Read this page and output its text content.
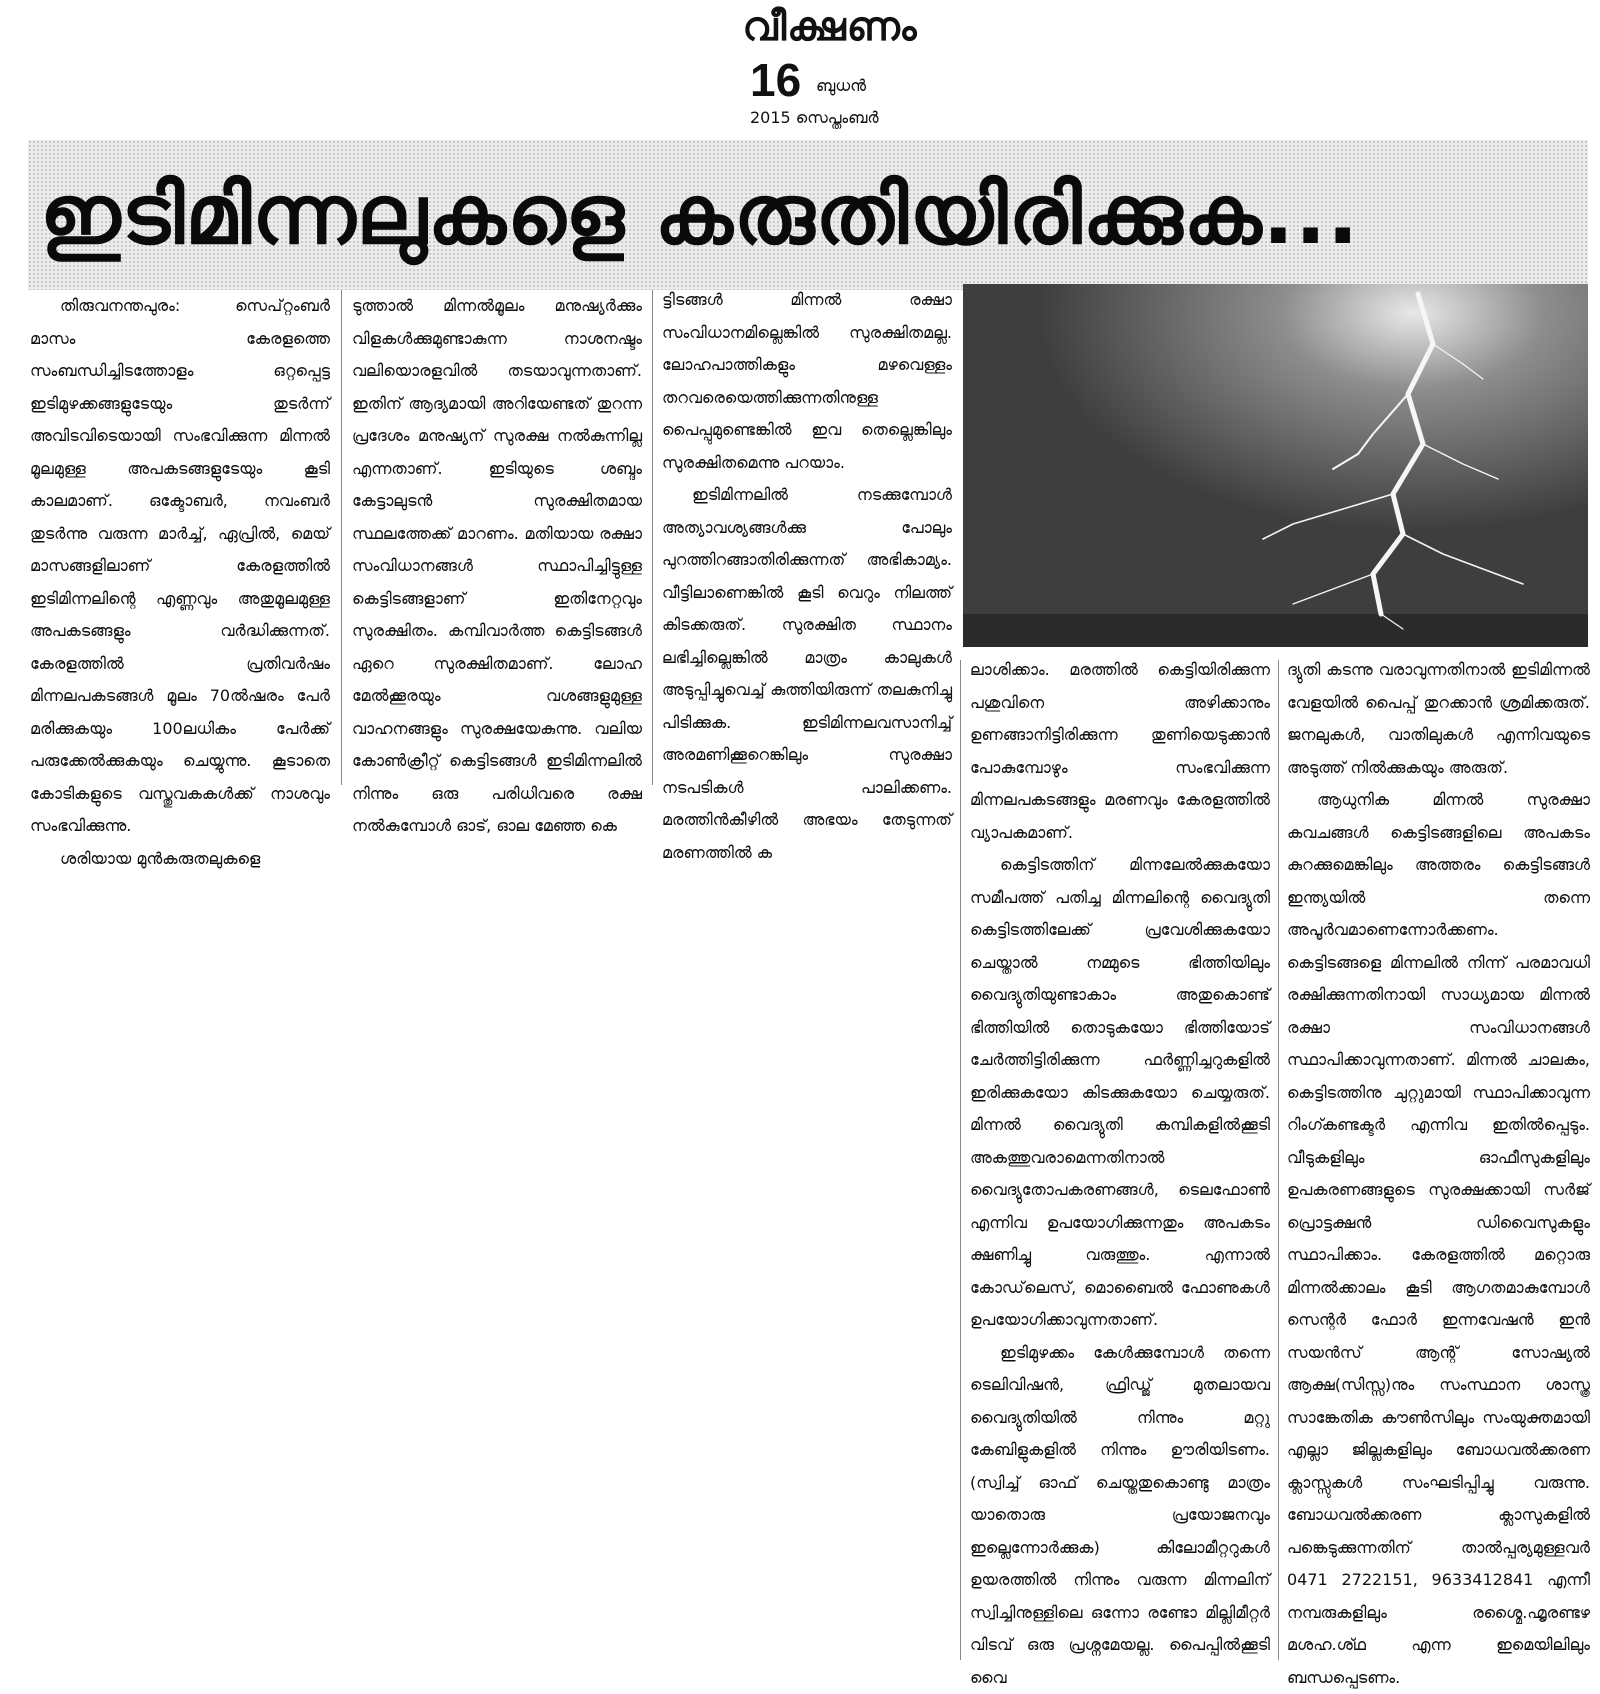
വീക്ഷണം
16 ബുധൻ
2015 സെപ്തംബർ
ഇടിമിന്നലുകളെ കരുതിയിരിക്കുക...

തിരുവനന്തപുരം: സെപ്റ്റംബർ മാസം കേരളത്തെ സംബന്ധിച്ചിടത്തോളം ഒറ്റപ്പെട്ട ഇടിമുഴക്കങ്ങളുടേയും തുടർന്ന് അവിടവിടെയായി സംഭവിക്കുന്ന മിന്നൽ മൂലമുള്ള അപകടങ്ങളുടേയും കൂടി കാലമാണ്. ഒക്ടോബർ, നവംബർ തുടർന്നു വരുന്ന മാർച്ച്, ഏപ്രിൽ, മെയ് മാസങ്ങളിലാണ് കേരളത്തിൽ ഇടിമിന്നലിന്റെ എണ്ണവും അതുമൂലമുള്ള അപകടങ്ങളും വർദ്ധിക്കുന്നത്. കേരളത്തിൽ പ്രതിവർഷം മിന്നലപകടങ്ങൾ മൂലം 70ൽഷരം പേർ മരിക്കുകയും 100ലധികം പേർക്ക് പരുക്കേൽക്കുകയും ചെയ്യുന്നു. കൂടാതെ കോടികളുടെ വസ്തുവകകൾക്ക് നാശവും സംഭവിക്കുന്നു.

ശരിയായ മുൻകരുതലുകളെ

ടുത്താൽ മിന്നൽമൂലം മനുഷ്യർക്കും വിളകൾക്കുമുണ്ടാകുന്ന നാശനഷ്ടം വലിയൊരളവിൽ തടയാവുന്നതാണ്. ഇതിന് ആദ്യമായി അറിയേണ്ടത് തുറന്ന പ്രദേശം മനുഷ്യന് സുരക്ഷ നൽകുന്നില്ല എന്നതാണ്. ഇടിയുടെ ശബ്ദം കേട്ടാലുടൻ സുരക്ഷിതമായ സ്ഥലത്തേക്ക് മാറണം. മതിയായ രക്ഷാ സംവിധാനങ്ങൾ സ്ഥാപിച്ചിട്ടുള്ള കെട്ടിടങ്ങളാണ് ഇതിനേറ്റവും സുരക്ഷിതം. കമ്പിവാർത്ത കെട്ടിടങ്ങൾ ഏറെ സുരക്ഷിതമാണ്. ലോഹ മേൽക്കൂരയും വശങ്ങളുമുള്ള വാഹനങ്ങളും സുരക്ഷയേകുന്നു. വലിയ കോൺക്രീറ്റ് കെട്ടിടങ്ങൾ ഇടിമിന്നലിൽ നിന്നും ഒരു പരിധിവരെ രക്ഷ നൽകുമ്പോൾ ഓട്, ഓല മേഞ്ഞ കെ

ട്ടിടങ്ങൾ മിന്നൽ രക്ഷാ സംവിധാനമില്ലെങ്കിൽ സുരക്ഷിതമല്ല. ലോഹപാത്തികളും മഴവെള്ളം തറവരെയെത്തിക്കുന്നതിനുള്ള പൈപ്പുമുണ്ടെങ്കിൽ ഇവ തെല്ലെങ്കിലും സുരക്ഷിതമെന്നു പറയാം.

ഇടിമിന്നലിൽ നടക്കുമ്പോൾ അത്യാവശ്യങ്ങൾക്കു പോലും പുറത്തിറങ്ങാതിരിക്കുന്നത് അഭികാമ്യം. വീട്ടിലാണെങ്കിൽ കൂടി വെറും നിലത്ത് കിടക്കരുത്. സുരക്ഷിത സ്ഥാനം ലഭിച്ചില്ലെങ്കിൽ മാത്രം കാലുകൾ അടുപ്പിച്ചുവെച്ച് കുത്തിയിരുന്ന് തലകുനിച്ചു പിടിക്കുക. ഇടിമിന്നലവസാനിച്ച് അരമണിക്കൂറെങ്കിലും സുരക്ഷാ നടപടികൾ പാലിക്കണം. മരത്തിൻകീഴിൽ അഭയം തേടുന്നത് മരണത്തിൽ ക

ലാശിക്കാം. മരത്തിൽ കെട്ടിയിരിക്കുന്ന പശുവിനെ അഴിക്കാനും ഉണങ്ങാനിട്ടിരിക്കുന്ന തുണിയെടുക്കാൻ പോകുമ്പോഴും സംഭവിക്കുന്ന മിന്നലപകടങ്ങളും മരണവും കേരളത്തിൽ വ്യാപകമാണ്.

കെട്ടിടത്തിന് മിന്നലേൽക്കുകയോ സമീപത്ത് പതിച്ച മിന്നലിന്റെ വൈദ്യുതി കെട്ടിടത്തിലേക്ക് പ്രവേശിക്കുകയോ ചെയ്താൽ നമ്മുടെ ഭിത്തിയിലും വൈദ്യുതിയുണ്ടാകാം അതുകൊണ്ട് ഭിത്തിയിൽ തൊടുകയോ ഭിത്തിയോട് ചേർത്തിട്ടിരിക്കുന്ന ഫർണ്ണിച്ചറുകളിൽ ഇരിക്കുകയോ കിടക്കുകയോ ചെയ്യരുത്. മിന്നൽ വൈദ്യുതി കമ്പികളിൽക്കൂടി അകത്തുവരാമെന്നതിനാൽ വൈദ്യുതോപകരണങ്ങൾ, ടെലഫോൺ എന്നിവ ഉപയോഗിക്കുന്നതും അപകടം ക്ഷണിച്ചു വരുത്തും. എന്നാൽ കോഡ്‌ലെസ്, മൊബൈൽ ഫോണുകൾ ഉപയോഗിക്കാവുന്നതാണ്.

ഇടിമുഴക്കം കേൾക്കുമ്പോൾ തന്നെ ടെലിവിഷൻ, ഫ്രിഡ്ജ് മുതലായവ വൈദ്യുതിയിൽ നിന്നും മറ്റു കേബിളുകളിൽ നിന്നും ഊരിയിടണം. (സ്വിച്ച് ഓഫ് ചെയ്തതുകൊണ്ടു മാത്രം യാതൊരു പ്രയോജനവും ഇല്ലെന്നോർക്കുക) കിലോമീറ്ററുകൾ ഉയരത്തിൽ നിന്നും വരുന്ന മിന്നലിന് സ്വിച്ചിനുള്ളിലെ ഒന്നോ രണ്ടോ മില്ലിമീറ്റർ വിടവ് ഒരു പ്രശ്നമേയല്ല. പൈപ്പിൽക്കൂടി വൈ

ദ്യുതി കടന്നു വരാവുന്നതിനാൽ ഇടിമിന്നൽ വേളയിൽ പൈപ്പ് തുറക്കാൻ ശ്രമിക്കരുത്. ജനലുകൾ, വാതിലുകൾ എന്നിവയുടെ അടുത്ത് നിൽക്കുകയും അരുത്.

ആധുനിക മിന്നൽ സുരക്ഷാ കവചങ്ങൾ കെട്ടിടങ്ങളിലെ അപകടം കുറക്കുമെങ്കിലും അത്തരം കെട്ടിടങ്ങൾ ഇന്ത്യയിൽ തന്നെ അപൂർവമാണെന്നോർക്കണം. കെട്ടിടങ്ങളെ മിന്നലിൽ നിന്ന് പരമാവധി രക്ഷിക്കുന്നതിനായി സാധ്യമായ മിന്നൽ രക്ഷാ സംവിധാനങ്ങൾ സ്ഥാപിക്കാവുന്നതാണ്. മിന്നൽ ചാലകം, കെട്ടിടത്തിനു ചുറ്റുമായി സ്ഥാപിക്കാവുന്ന റിംഗ്കണ്ടക്ടർ എന്നിവ ഇതിൽപ്പെടും. വീടുകളിലും ഓഫീസുകളിലും ഉപകരണങ്ങളുടെ സുരക്ഷക്കായി സർജ് പ്രൊട്ടക്ഷൻ ഡിവൈസുകളും സ്ഥാപിക്കാം. കേരളത്തിൽ മറ്റൊരു മിന്നൽക്കാലം കൂടി ആഗതമാകുമ്പോൾ സെന്റർ ഫോർ ഇന്നവേഷൻ ഇൻ സയൻസ് ആന്റ് സോഷ്യൽ ആക്ഷ(സിസ്സ)നും സംസ്ഥാന ശാസ്ത്ര സാങ്കേതിക കൗൺസിലും സംയുക്തമായി എല്ലാ ജില്ലകളിലും ബോധവൽക്കരണ ക്ലാസ്സുകൾ സംഘടിപ്പിച്ചു വരുന്നു. ബോധവൽക്കരണ ക്ലാസുകളിൽ പങ്കെടുക്കുന്നതിന് താൽപ്പര്യമുള്ളവർ 0471 2722151, 9633412841 എന്നീ നമ്പരുകളിലും രശ്മൈ.ഹ്മൃരണ്ടഴ മശഹ.ശ്ഥ എന്ന ഇമെയിലിലും ബന്ധപ്പെടണം.
